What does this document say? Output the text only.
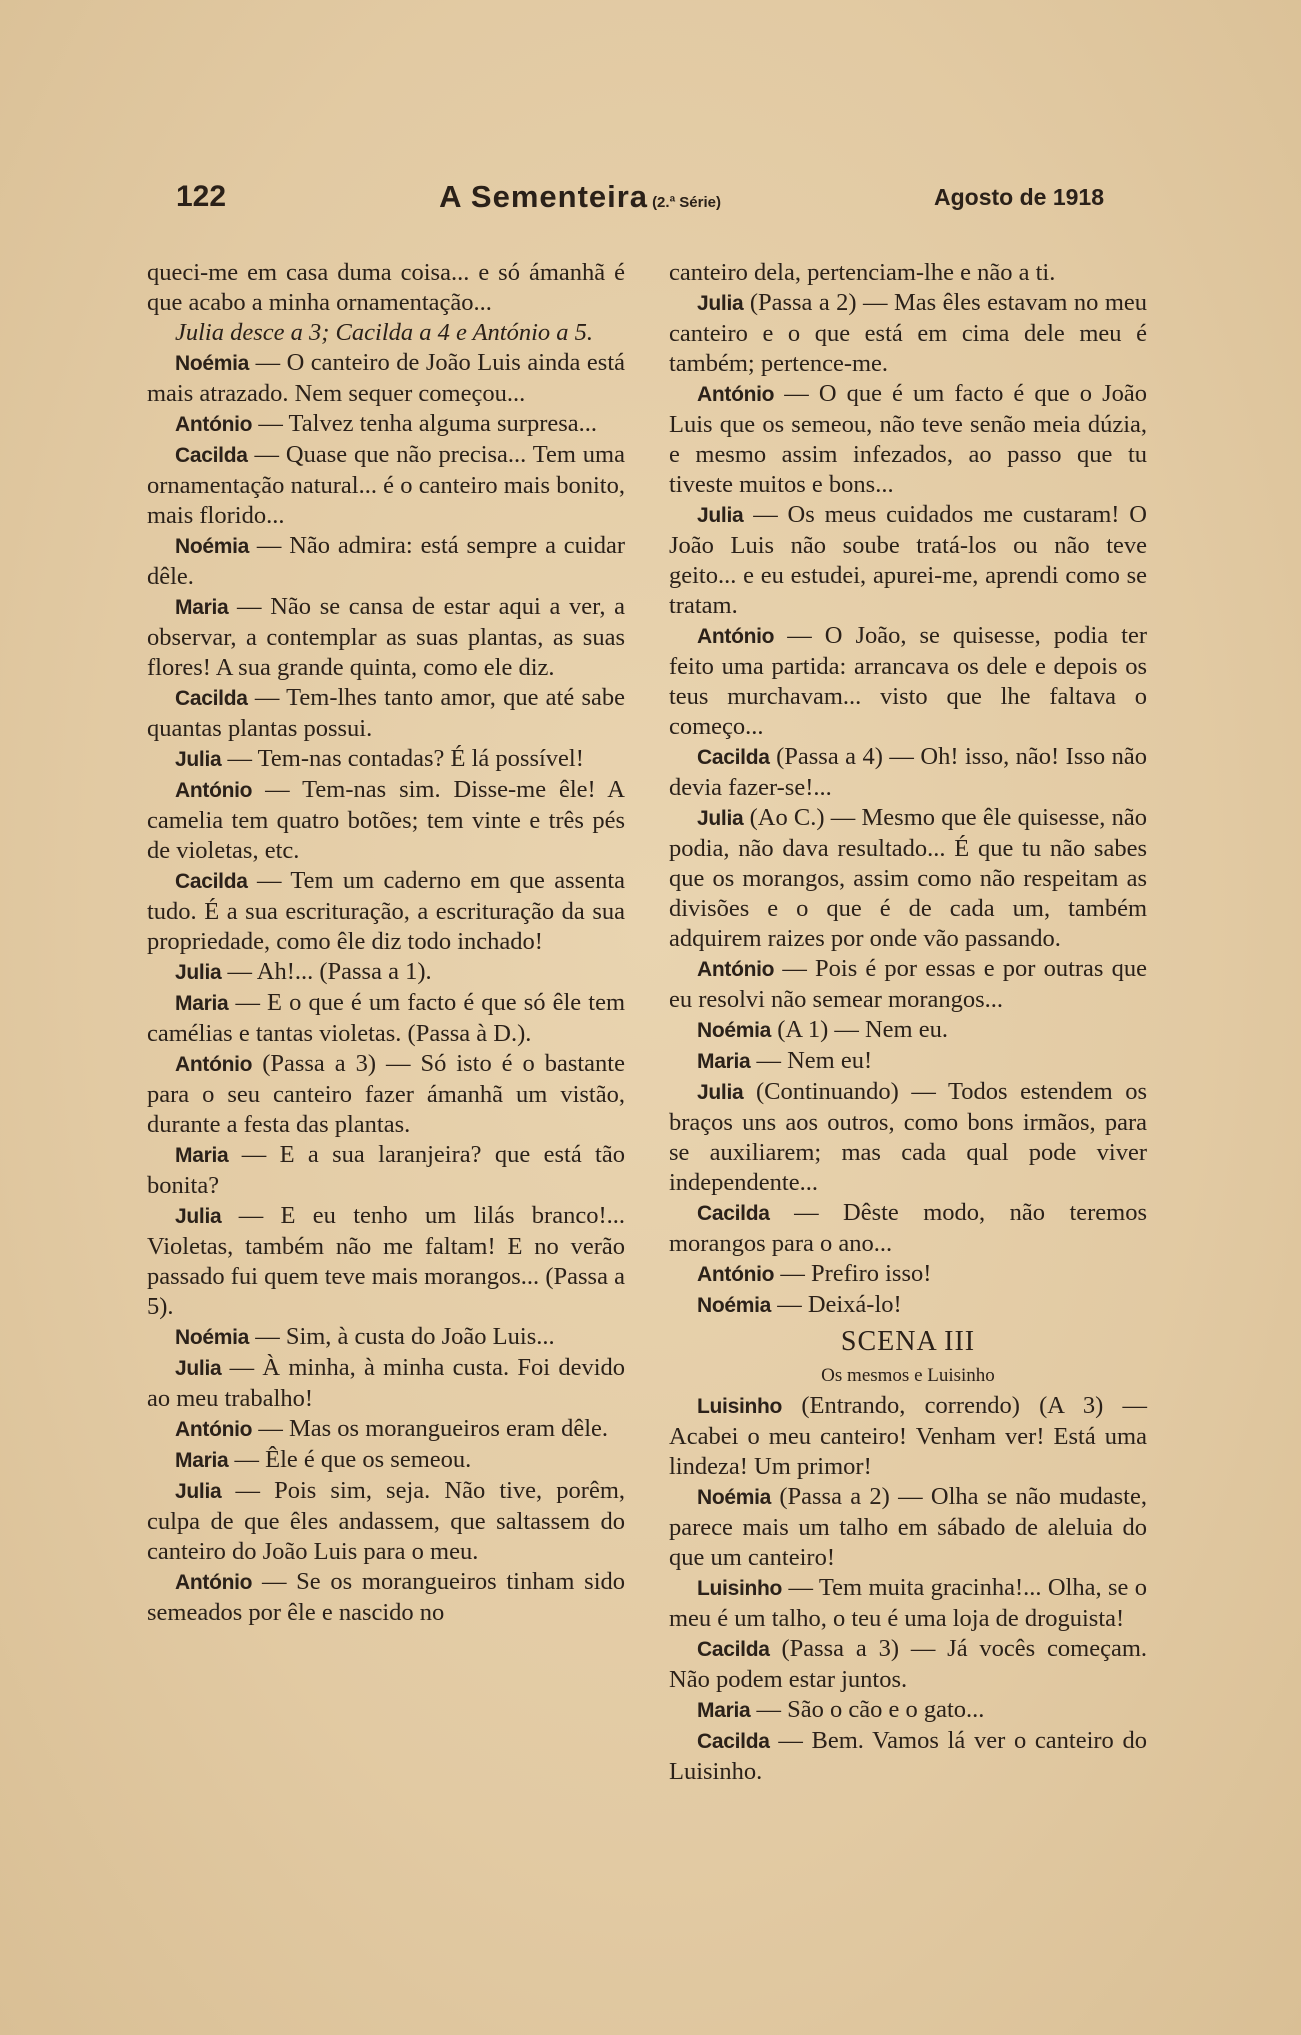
122	A Sementeira (2.ª Série)	Agosto de 1918

queci-me em casa duma coisa... e só ámanhã é que acabo a minha ornamentação...

Julia desce a 3; Cacilda a 4 e António a 5.

Noémia — O canteiro de João Luis ainda está mais atrazado. Nem sequer começou...

António — Talvez tenha alguma surpresa...

Cacilda — Quase que não precisa... Tem uma ornamentação natural... é o canteiro mais bonito, mais florido...

Noémia — Não admira: está sempre a cuidar dêle.

Maria — Não se cansa de estar aqui a ver, a observar, a contemplar as suas plantas, as suas flores! A sua grande quinta, como ele diz.

Cacilda — Tem-lhes tanto amor, que até sabe quantas plantas possui.

Julia — Tem-nas contadas? É lá possível!

António — Tem-nas sim. Disse-me êle! A camelia tem quatro botões; tem vinte e três pés de violetas, etc.

Cacilda — Tem um caderno em que assenta tudo. É a sua escrituração, a escrituração da sua propriedade, como êle diz todo inchado!

Julia — Ah!... (Passa a 1).

Maria — E o que é um facto é que só êle tem camélias e tantas violetas. (Passa à D.).

António (Passa a 3) — Só isto é o bastante para o seu canteiro fazer ámanhã um vistão, durante a festa das plantas.

Maria — E a sua laranjeira? que está tão bonita?

Julia — E eu tenho um lilás branco!... Violetas, também não me faltam! E no verão passado fui quem teve mais morangos... (Passa a 5).

Noémia — Sim, à custa do João Luis...

Julia — À minha, à minha custa. Foi devido ao meu trabalho!

António — Mas os morangueiros eram dêle.

Maria — Êle é que os semeou.

Julia — Pois sim, seja. Não tive, porêm, culpa de que êles andassem, que saltassem do canteiro do João Luis para o meu.

António — Se os morangueiros tinham sido semeados por êle e nascido no

canteiro dela, pertenciam-lhe e não a ti.

Julia (Passa a 2) — Mas êles estavam no meu canteiro e o que está em cima dele meu é também; pertence-me.

António — O que é um facto é que o João Luis que os semeou, não teve senão meia dúzia, e mesmo assim infezados, ao passo que tu tiveste muitos e bons...

Julia — Os meus cuidados me custaram! O João Luis não soube tratá-los ou não teve geito... e eu estudei, apurei-me, aprendi como se tratam.

António — O João, se quisesse, podia ter feito uma partida: arrancava os dele e depois os teus murchavam... visto que lhe faltava o começo...

Cacilda (Passa a 4) — Oh! isso, não! Isso não devia fazer-se!...

Julia (Ao C.) — Mesmo que êle quisesse, não podia, não dava resultado... É que tu não sabes que os morangos, assim como não respeitam as divisões e o que é de cada um, também adquirem raizes por onde vão passando.

António — Pois é por essas e por outras que eu resolvi não semear morangos...

Noémia (A 1) — Nem eu.

Maria — Nem eu!

Julia (Continuando) — Todos estendem os braços uns aos outros, como bons irmãos, para se auxiliarem; mas cada qual pode viver independente...

Cacilda — Dêste modo, não teremos morangos para o ano...

António — Prefiro isso!

Noémia — Deixá-lo!

SCENA III

Os mesmos e Luisinho

Luisinho (Entrando, correndo) (A 3) — Acabei o meu canteiro! Venham ver! Está uma lindeza! Um primor!

Noémia (Passa a 2) — Olha se não mudaste, parece mais um talho em sábado de aleluia do que um canteiro!

Luisinho — Tem muita gracinha!... Olha, se o meu é um talho, o teu é uma loja de droguista!

Cacilda (Passa a 3) — Já vocês começam. Não podem estar juntos.

Maria — São o cão e o gato...

Cacilda — Bem. Vamos lá ver o canteiro do Luisinho.
